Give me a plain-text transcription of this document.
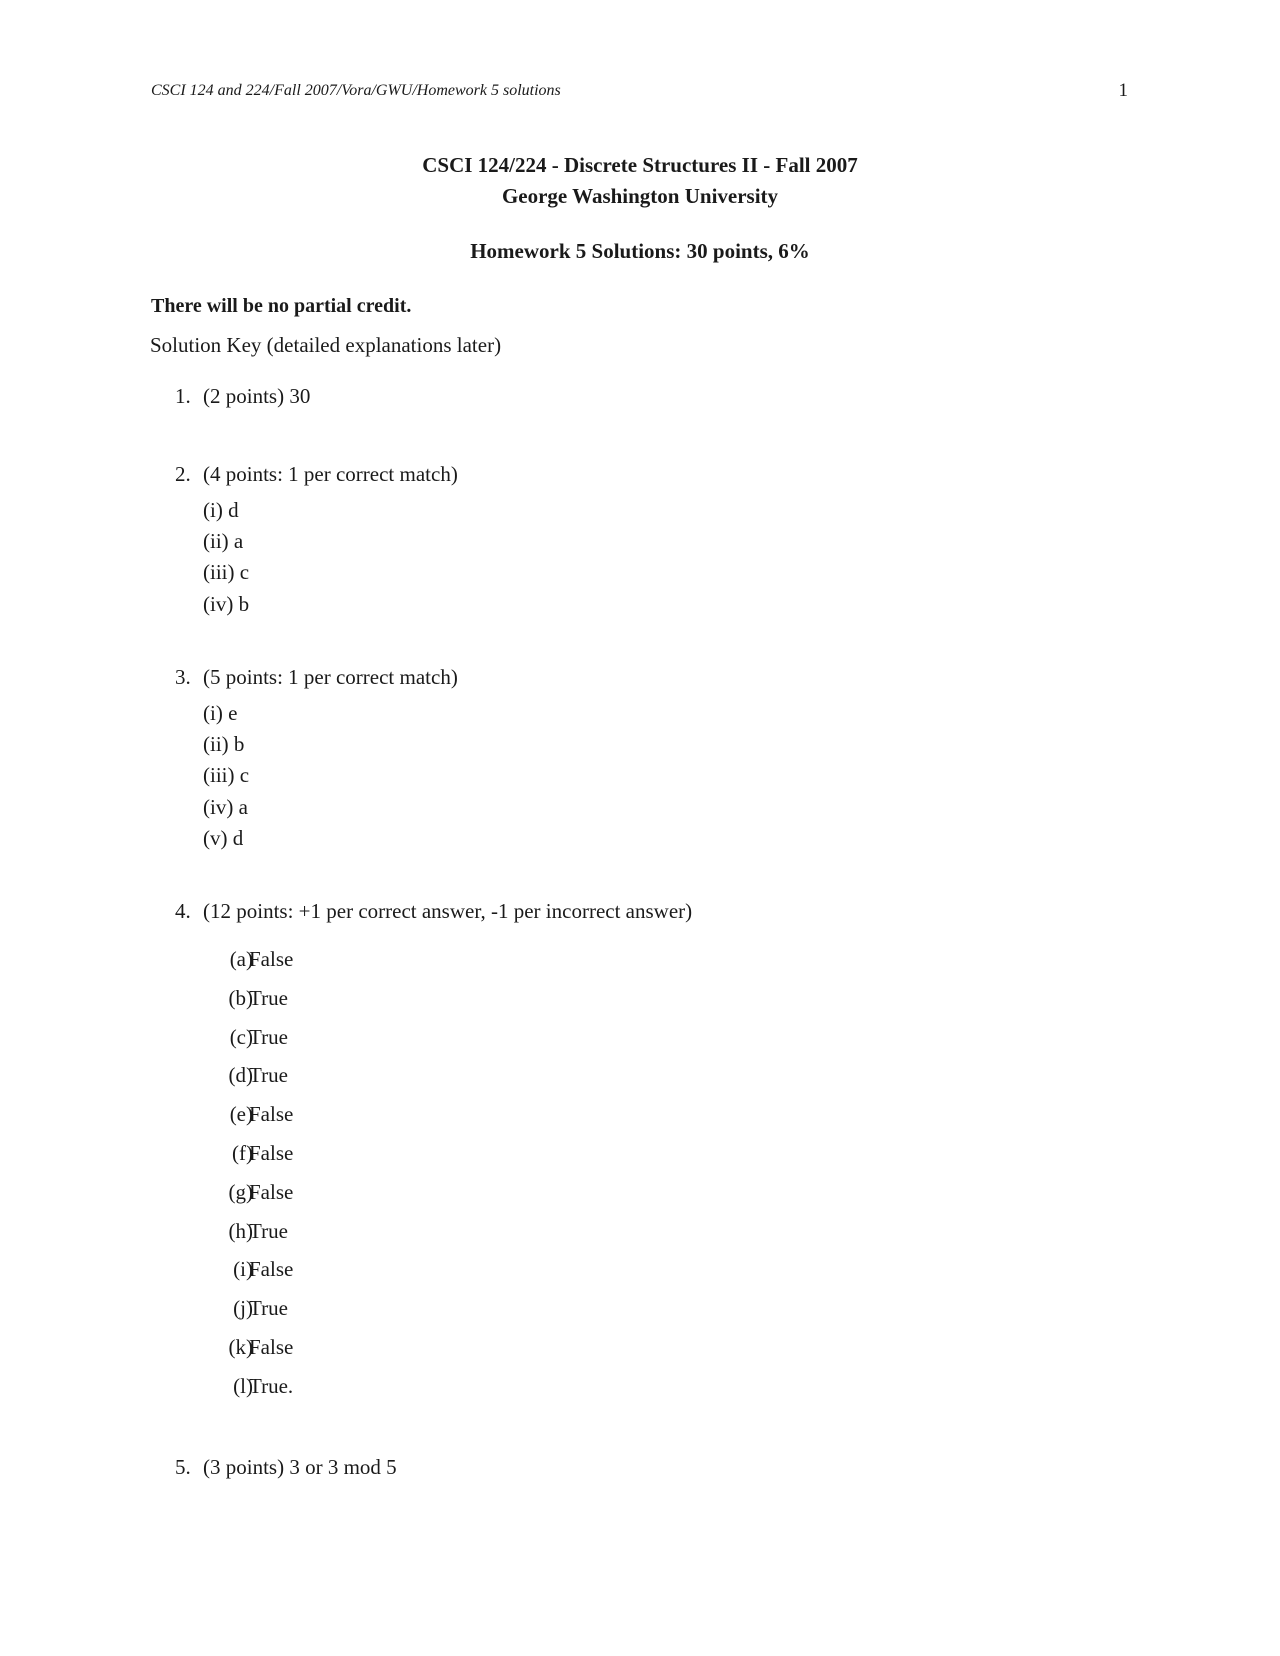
CSCI 124 and 224/Fall 2007/Vora/GWU/Homework 5 solutions	1
CSCI 124/224 - Discrete Structures II - Fall 2007
George Washington University
Homework 5 Solutions: 30 points, 6%
There will be no partial credit.
Solution Key (detailed explanations later)
1. (2 points) 30
2. (4 points: 1 per correct match)
(i) d
(ii) a
(iii) c
(iv) b
3. (5 points: 1 per correct match)
(i) e
(ii) b
(iii) c
(iv) a
(v) d
4. (12 points: +1 per correct answer, -1 per incorrect answer)
(a)
False
(b)
True
(c)
True
(d)
True
(e)
False
(f)
False
(g)
False
(h)
True
(i)
False
(j)
True
(k)
False
(l)
True.
5. (3 points) 3 or 3 mod 5
